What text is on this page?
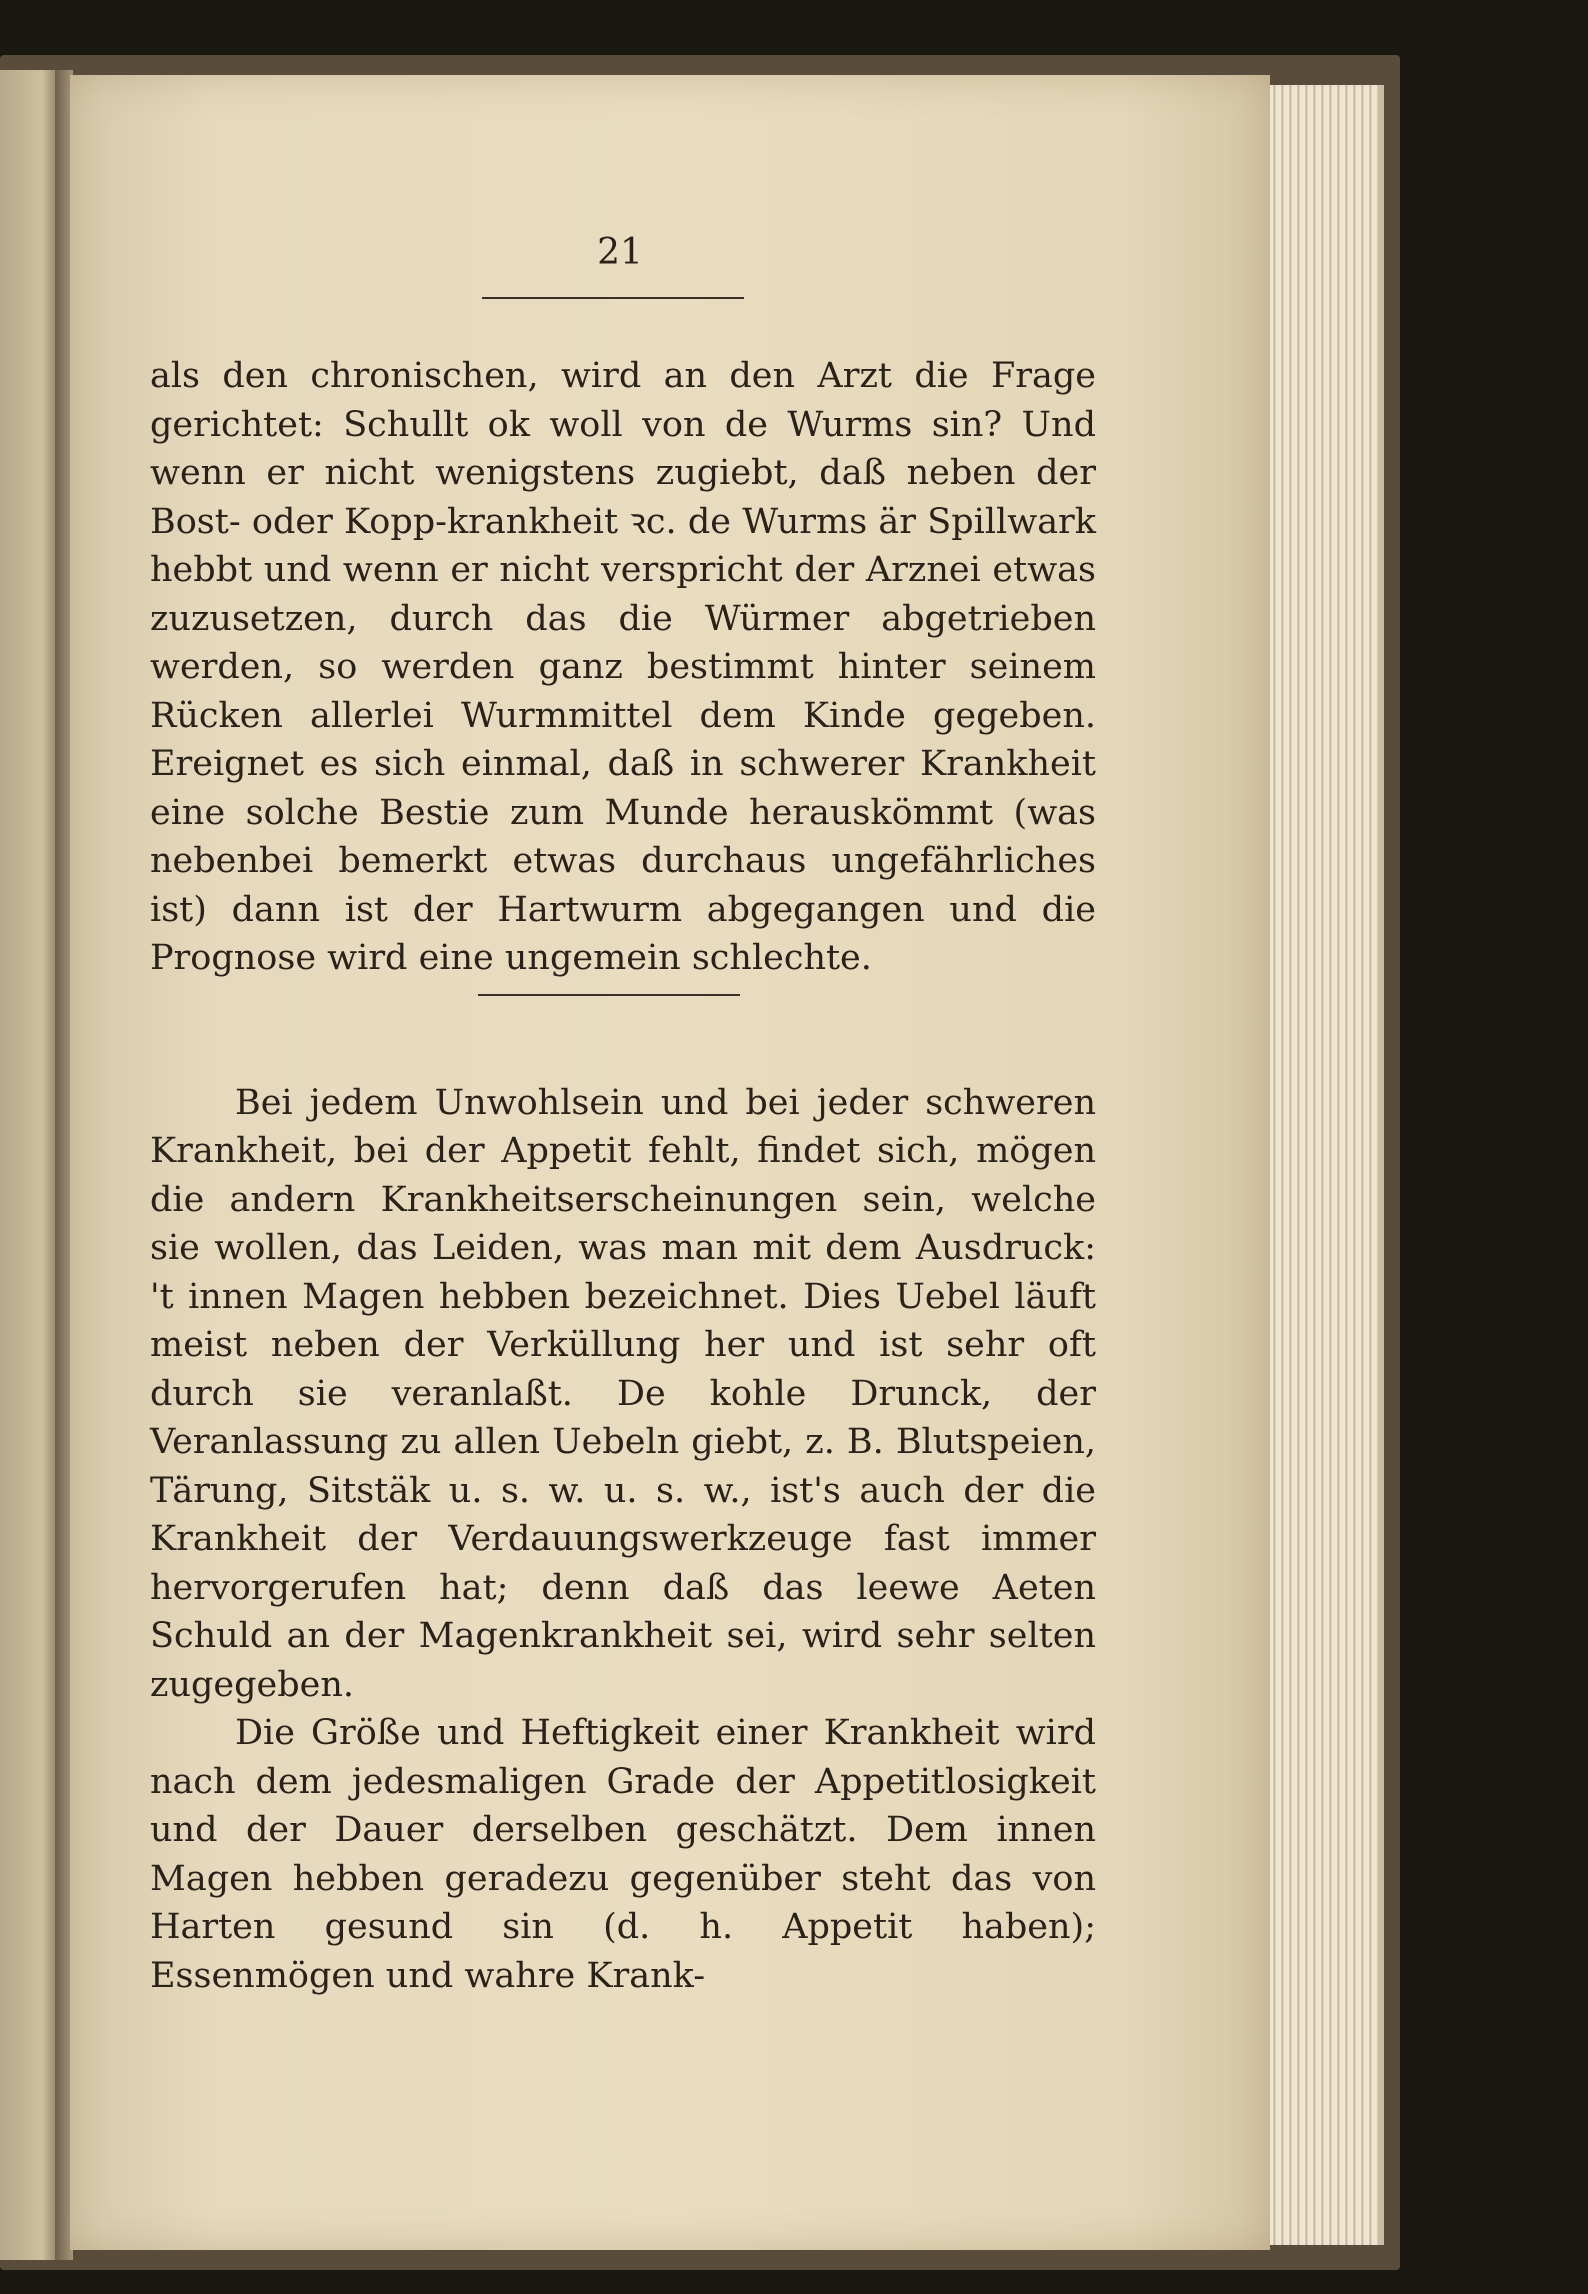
21

als den chronischen, wird an den Arzt die Frage gerichtet: Schullt ok woll von de Wurms sin? Und wenn er nicht wenigstens zugiebt, daß neben der Bost- oder Kopp-krankheit ꝛc. de Wurms är Spillwark hebbt und wenn er nicht verspricht der Arznei etwas zuzusetzen, durch das die Würmer abgetrieben werden, so werden ganz bestimmt hinter seinem Rücken allerlei Wurmmittel dem Kinde gegeben. Ereignet es sich einmal, daß in schwerer Krankheit eine solche Bestie zum Munde herauskömmt (was nebenbei bemerkt etwas durchaus ungefährliches ist) dann ist der Hartwurm abgegangen und die Prognose wird eine ungemein schlechte.

Bei jedem Unwohlsein und bei jeder schweren Krankheit, bei der Appetit fehlt, findet sich, mögen die andern Krankheitserscheinungen sein, welche sie wollen, das Leiden, was man mit dem Ausdruck: 't innen Magen hebben bezeichnet. Dies Uebel läuft meist neben der Verküllung her und ist sehr oft durch sie veranlaßt. De kohle Drunck, der Veranlassung zu allen Uebeln giebt, z. B. Blutspeien, Tärung, Sitstäk u. s. w. u. s. w., ist's auch der die Krankheit der Verdauungswerkzeuge fast immer hervorgerufen hat; denn daß das leewe Aeten Schuld an der Magenkrankheit sei, wird sehr selten zugegeben.

Die Größe und Heftigkeit einer Krankheit wird nach dem jedesmaligen Grade der Appetitlosigkeit und der Dauer derselben geschätzt. Dem innen Magen hebben geradezu gegenüber steht das von Harten gesund sin (d. h. Appetit haben); Essenmögen und wahre Krank-
